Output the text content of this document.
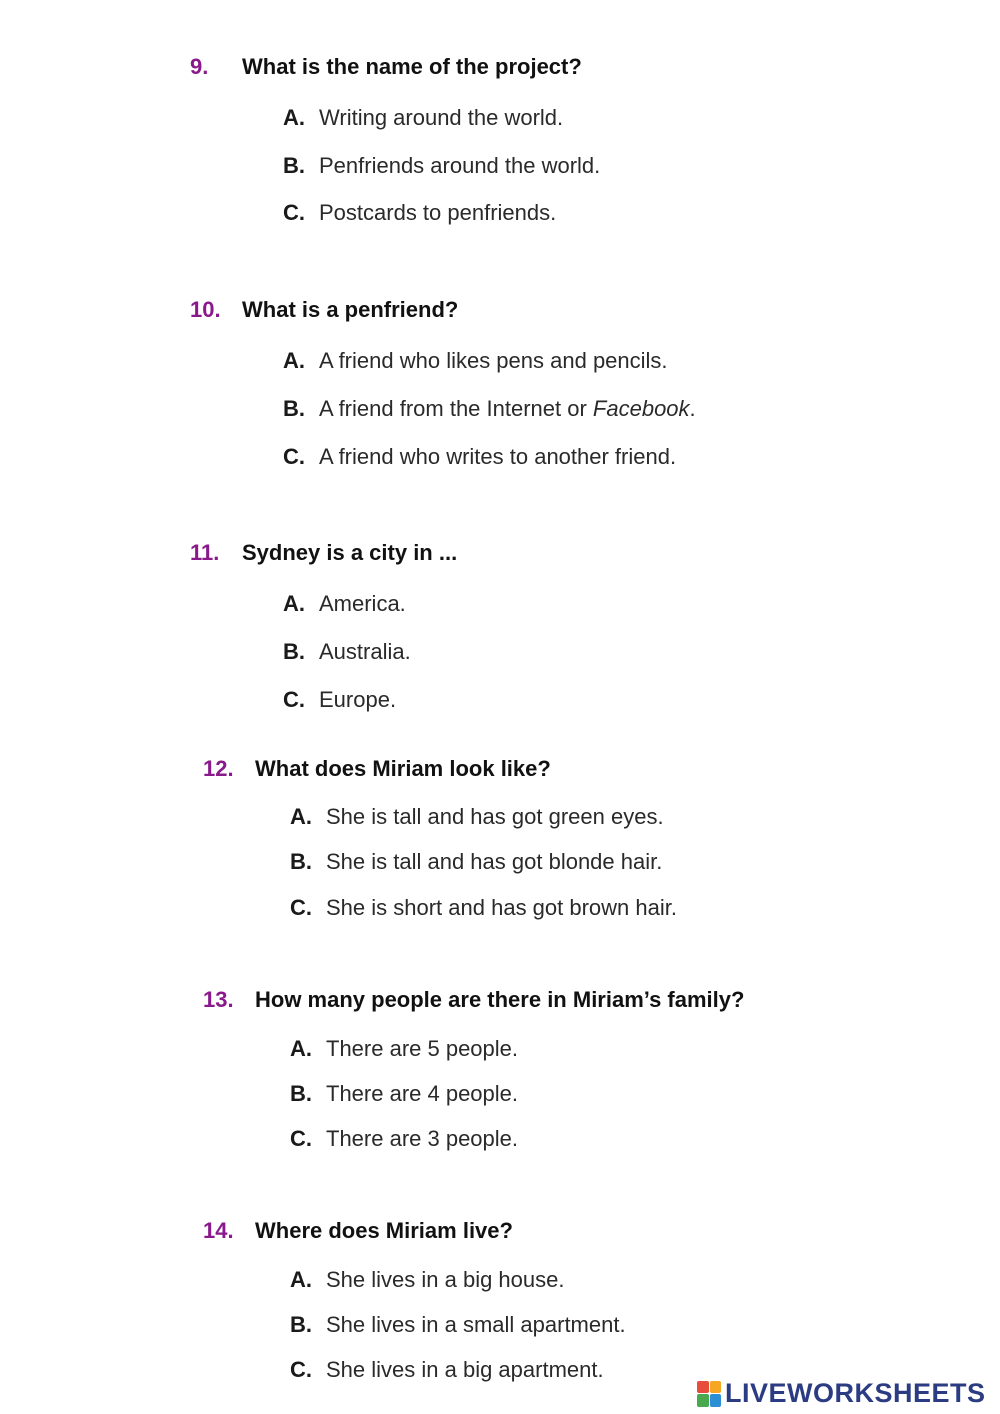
9.	What is the name of the project?
A. Writing around the world.
B. Penfriends around the world.
C. Postcards to penfriends.
10. What is a penfriend?
A. A friend who likes pens and pencils.
B. A friend from the Internet or Facebook.
C. A friend who writes to another friend.
11.	Sydney is a city in ...
A. America.
B. Australia.
C. Europe.
12. What does Miriam look like?
A. She is tall and has got green eyes.
B. She is tall and has got blonde hair.
C. She is short and has got brown hair.
13. How many people are there in Miriam’s family?
A. There are 5 people.
B. There are 4 people.
C. There are 3 people.
14. Where does Miriam live?
A. She lives in a big house.
B. She lives in a small apartment.
C. She lives in a big apartment.
LIVEWORKSHEETS
